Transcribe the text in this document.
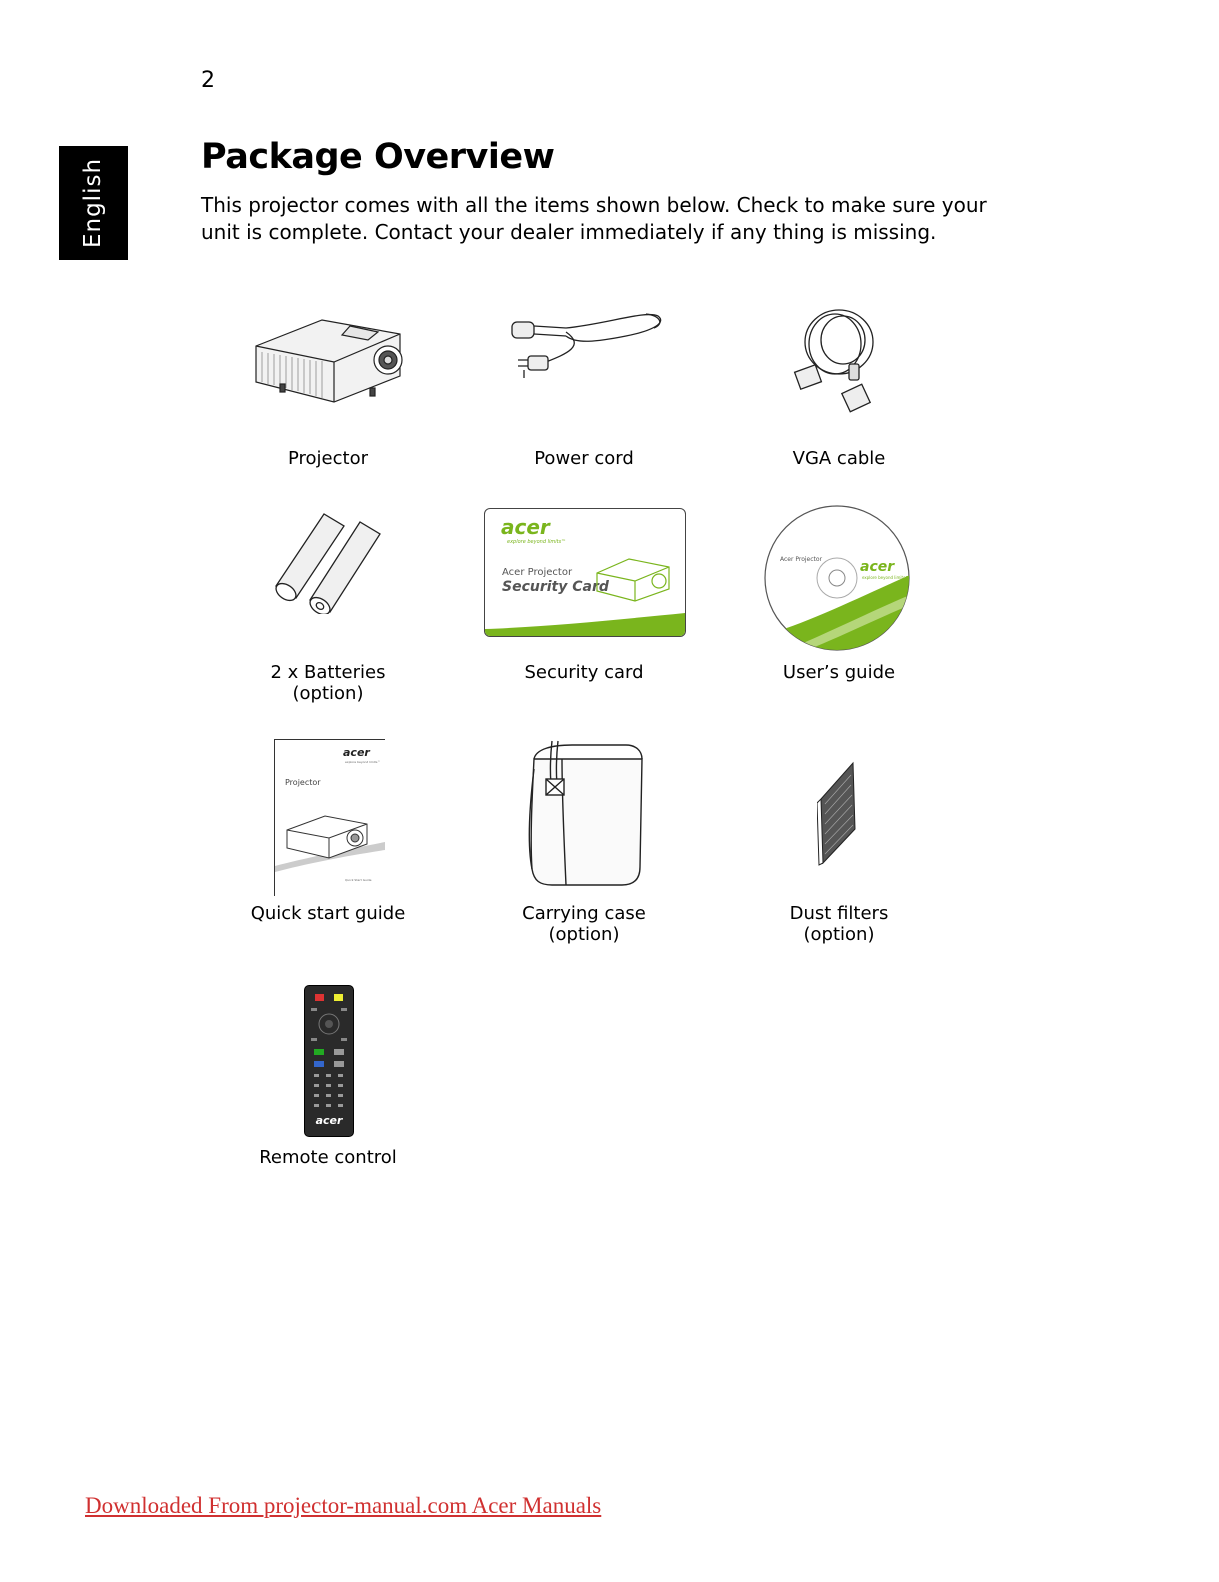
2
English
Package Overview

This projector comes with all the items shown below. Check to make sure your
unit is complete. Contact your dealer immediately if any thing is missing.

Projector	Power cord	VGA cable
2 x Batteries
(option)
acer
explore beyond limits™
Acer Projector
Security Card
Security card
Acer Projector	acer
explore beyond limits™
User’s guide
acer
explore beyond limits™
Projector
Quick Start Guide
Quick start guide	Carrying case
(option)
Dust filters
(option)
acer
Remote control
Downloaded From projector-manual.com Acer Manuals
